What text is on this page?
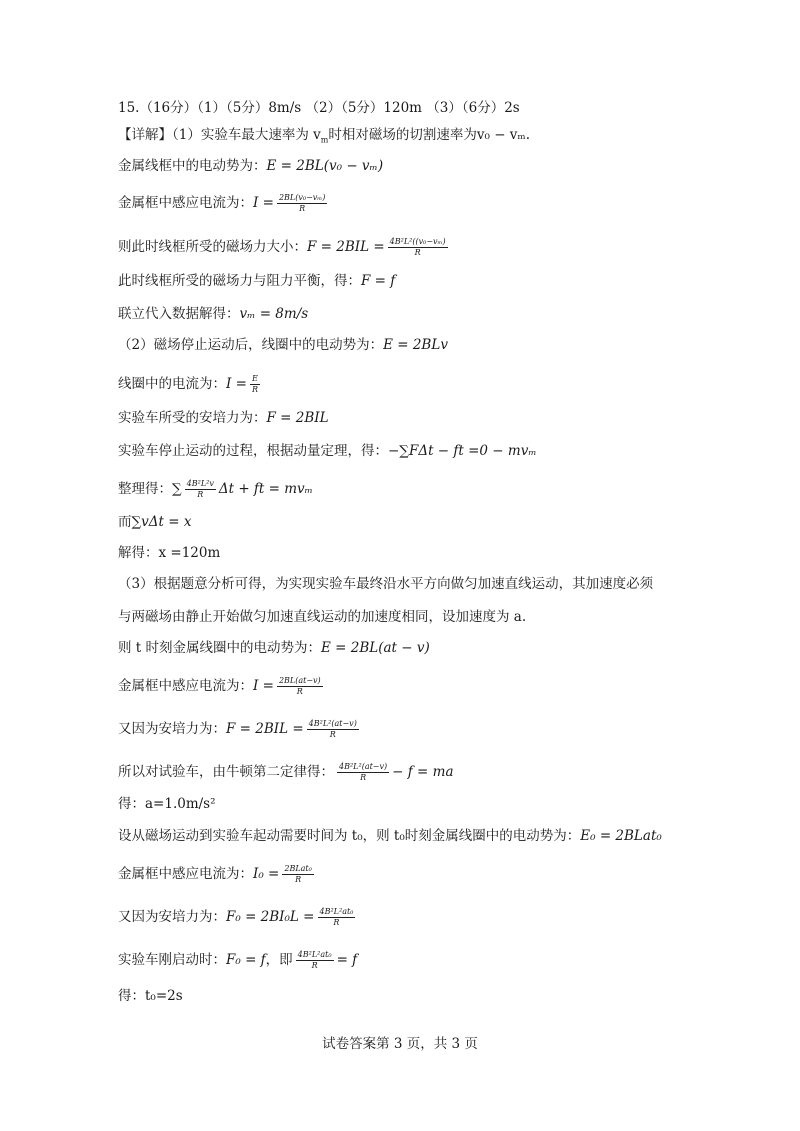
15.（16分）（1）（5分）8m/s （2）（5分）120m （3）（6分）2s
【详解】（1）实验车最大速率为 $v_m$时相对磁场的切割速率为v₀ − vₘ.
金属线框中的电动势为：E = 2BL(v₀ − vₘ)
金属框中感应电流为：$I = \frac{\text{2BL(v₀−vₘ)}}{R}$
则此时线框所受的磁场力大小：$F = 2BIL = \frac{\text{4B²L²((v₀−vₘ)}}{R}$
此时线框所受的磁场力与阻力平衡，得：F = f
联立代入数据解得：vₘ = 8m/s
（2）磁场停止运动后，线圈中的电动势为：E = 2BLv
线圈中的电流为：$I = \frac{E}{R}$
实验车所受的安培力为：F = 2BIL
实验车停止运动的过程，根据动量定理，得：−∑FΔt − ft =0 − mvₘ
整理得：∑ $\frac{\text{4B²L²v}}{R}$ Δt + ft = mvₘ
而∑vΔt = x
解得：x =120m
（3）根据题意分析可得，为实现实验车最终沿水平方向做匀加速直线运动，其加速度必须
与两磁场由静止开始做匀加速直线运动的加速度相同，设加速度为 a.
则 t 时刻金属线圈中的电动势为：E = 2BL(at − v)
金属框中感应电流为：$I = \frac{2BL(at-v)}{R}$
又因为安培力为：$F = 2BIL = \frac{\text{4B²L²(at−v)}}{R}$
所以对试验车，由牛顿第二定律得： $\frac{\text{4B²L²(at−v)}}{R} - f$ = ma
得：a=1.0m/s²
设从磁场运动到实验车起动需要时间为 t₀，则 t₀时刻金属线圈中的电动势为：E₀ = 2BLat₀
金属框中感应电流为：$I_0 = \frac{\text{2BLat₀}}{R}$
又因为安培力为：$F_0 = 2BI_0L = \frac{\text{4B²L²at₀}}{R}$
实验车刚启动时：F₀ = f，即 $\frac{\text{4B²L²at₀}}{R} = f$
得：t₀=2s
试卷答案第 3 页，共 3 页
